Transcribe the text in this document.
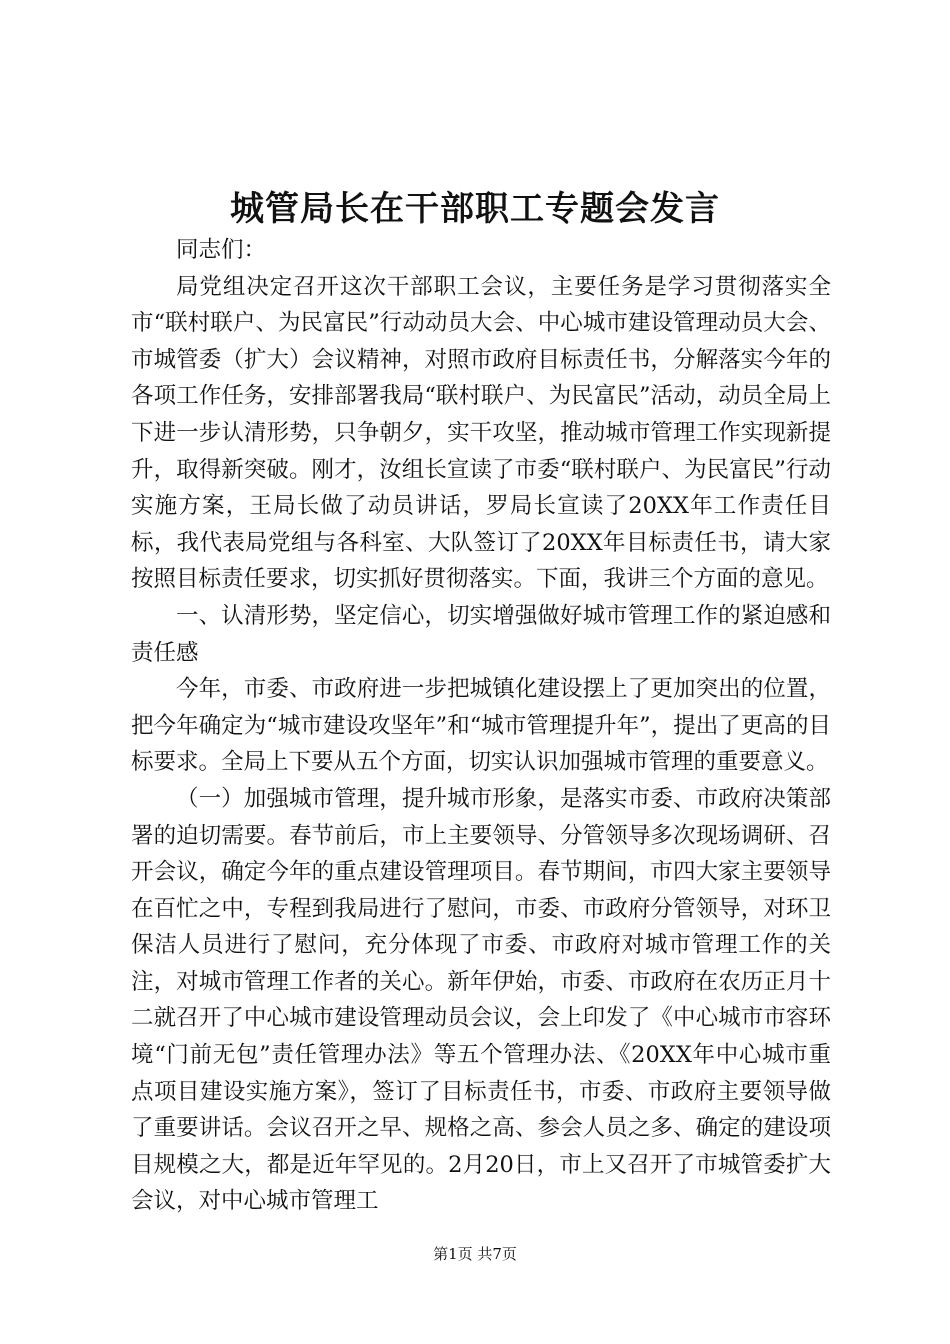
城管局长在干部职工专题会发言

同志们：

局党组决定召开这次干部职工会议，主要任务是学习贯彻落实全市“联村联户、为民富民”行动动员大会、中心城市建设管理动员大会、市城管委（扩大）会议精神，对照市政府目标责任书，分解落实今年的各项工作任务，安排部署我局“联村联户、为民富民”活动，动员全局上下进一步认清形势，只争朝夕，实干攻坚，推动城市管理工作实现新提升，取得新突破。刚才，汝组长宣读了市委“联村联户、为民富民”行动实施方案，王局长做了动员讲话，罗局长宣读了20XX年工作责任目标，我代表局党组与各科室、大队签订了20XX年目标责任书，请大家按照目标责任要求，切实抓好贯彻落实。下面，我讲三个方面的意见。

一、认清形势，坚定信心，切实增强做好城市管理工作的紧迫感和责任感

今年，市委、市政府进一步把城镇化建设摆上了更加突出的位置，把今年确定为“城市建设攻坚年”和“城市管理提升年”，提出了更高的目标要求。全局上下要从五个方面，切实认识加强城市管理的重要意义。

（一）加强城市管理，提升城市形象，是落实市委、市政府决策部署的迫切需要。春节前后，市上主要领导、分管领导多次现场调研、召开会议，确定今年的重点建设管理项目。春节期间，市四大家主要领导在百忙之中，专程到我局进行了慰问，市委、市政府分管领导，对环卫保洁人员进行了慰问，充分体现了市委、市政府对城市管理工作的关注，对城市管理工作者的关心。新年伊始，市委、市政府在农历正月十二就召开了中心城市建设管理动员会议，会上印发了《中心城市市容环境“门前无包”责任管理办法》等五个管理办法、《20XX年中心城市重点项目建设实施方案》，签订了目标责任书，市委、市政府主要领导做了重要讲话。会议召开之早、规格之高、参会人员之多、确定的建设项目规模之大，都是近年罕见的。2月20日，市上又召开了市城管委扩大会议，对中心城市管理工

第1页 共7页
